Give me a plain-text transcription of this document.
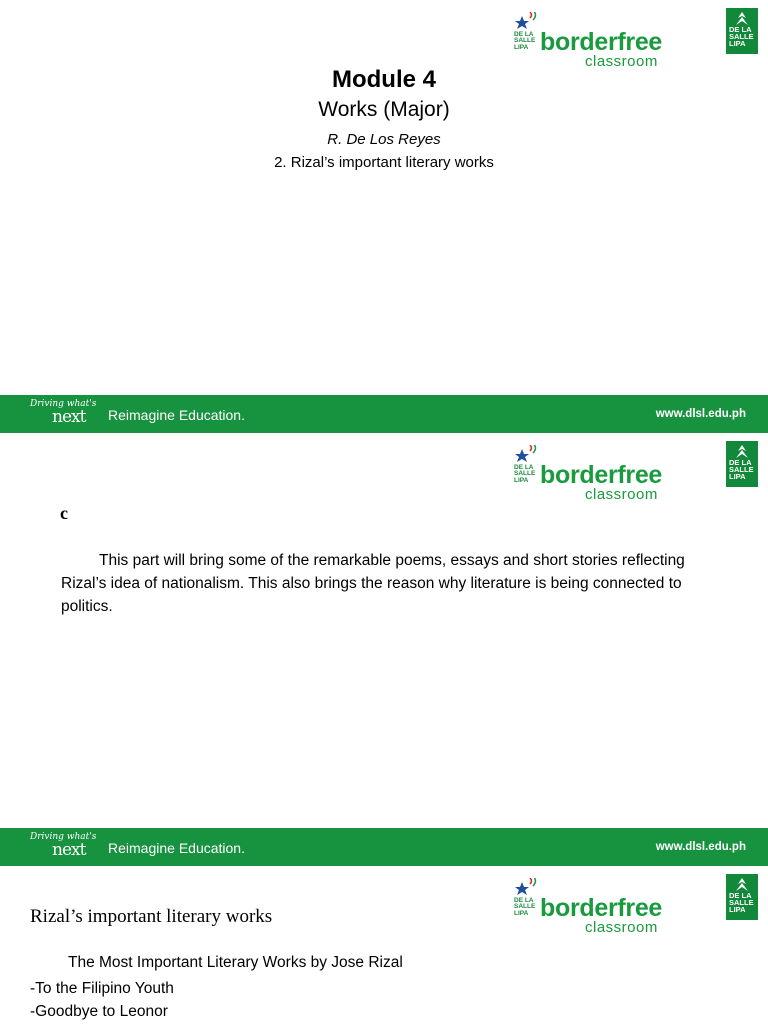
DE LA
SALLE
LIPA borderfree
classroom
DE LA
SALLE
LIPA
Module 4
Works (Major)
R. De Los Reyes
2. Rizal’s important literary works
Driving what's
next Reimagine Education.	www.dlsl.edu.ph
DE LA
SALLE
LIPA borderfree
classroom
DE LA
SALLE
LIPA
c

This part will bring some of the remarkable poems, essays and short stories reflecting Rizal’s idea of nationalism. This also brings the reason why literature is being connected to politics.

Driving what's
next Reimagine Education.	www.dlsl.edu.ph
DE LA
SALLE
LIPA borderfree
classroom
DE LA
SALLE
LIPA
Rizal’s important literary works
The Most Important Literary Works by Jose Rizal
-To the Filipino Youth
-Goodbye to Leonor
